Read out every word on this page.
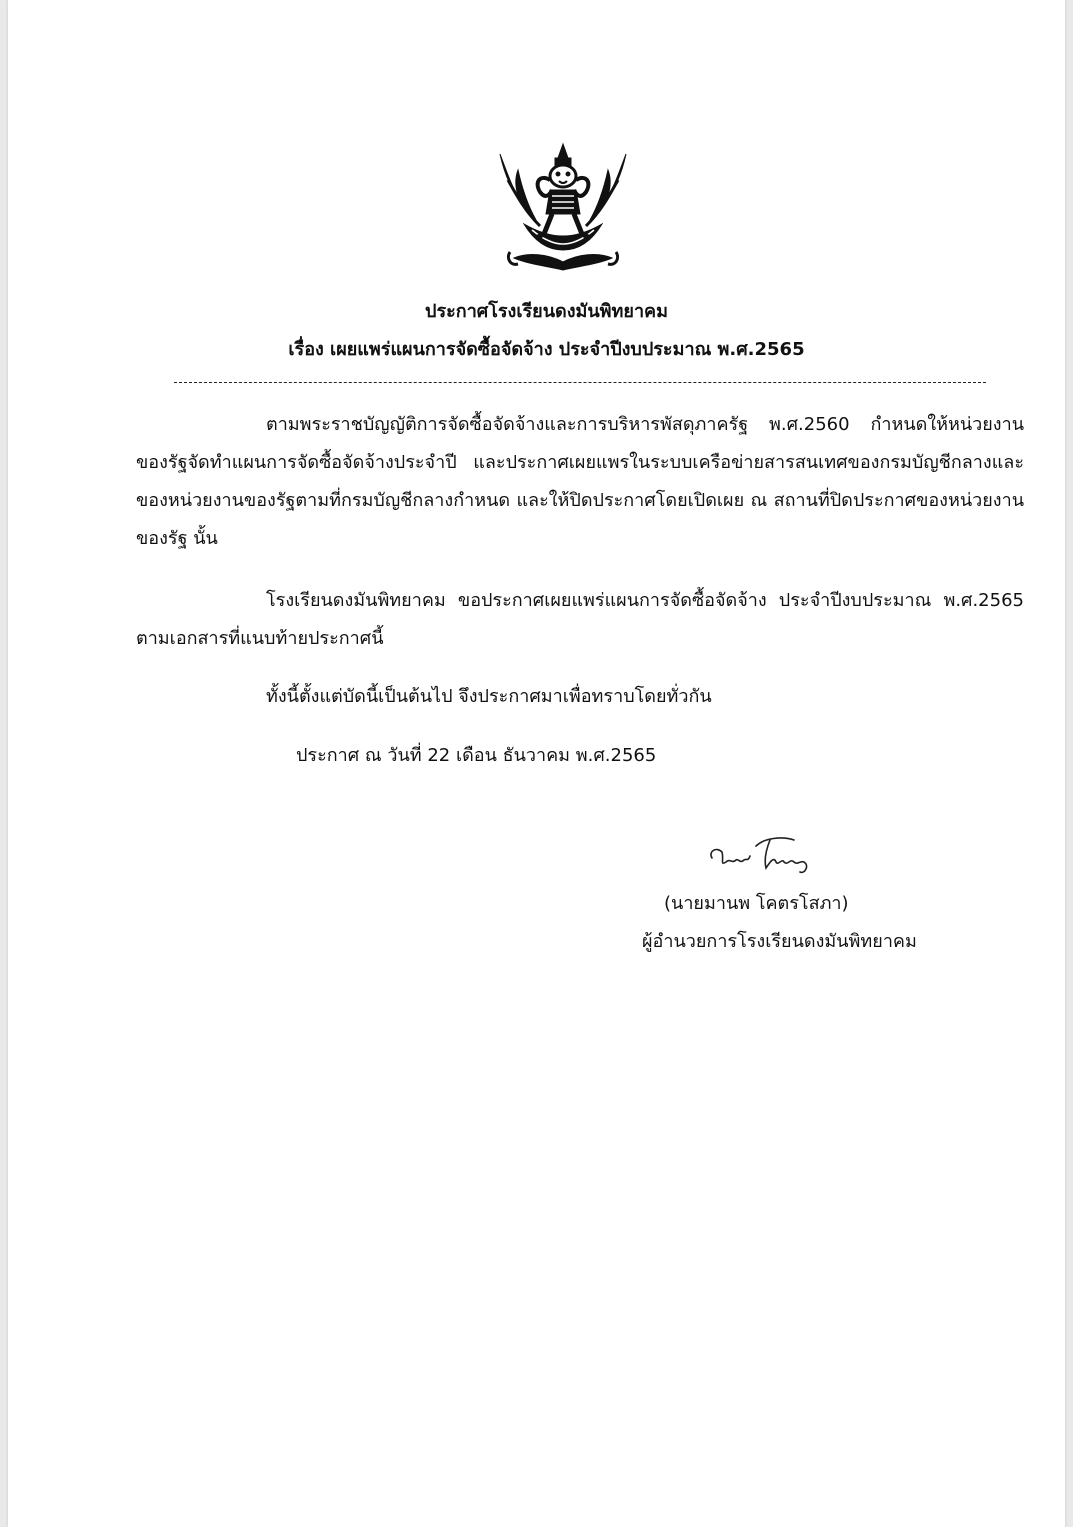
ประกาศโรงเรียนดงมันพิทยาคม
เรื่อง เผยแพร่แผนการจัดซื้อจัดจ้าง ประจำปีงบประมาณ พ.ศ.2565

ตามพระราชบัญญัติการจัดซื้อจัดจ้างและการบริหารพัสดุภาครัฐ พ.ศ.2560 กำหนดให้หน่วยงานของรัฐจัดทำแผนการจัดซื้อจัดจ้างประจำปี และประกาศเผยแพรในระบบเครือข่ายสารสนเทศของกรมบัญชีกลางและของหน่วยงานของรัฐตามที่กรมบัญชีกลางกำหนด และให้ปิดประกาศโดยเปิดเผย ณ สถานที่ปิดประกาศของหน่วยงานของรัฐ นั้น

โรงเรียนดงมันพิทยาคม ขอประกาศเผยแพร่แผนการจัดซื้อจัดจ้าง ประจำปีงบประมาณ พ.ศ.2565 ตามเอกสารที่แนบท้ายประกาศนี้

ทั้งนี้ตั้งแต่บัดนี้เป็นต้นไป จึงประกาศมาเพื่อทราบโดยทั่วกัน
ประกาศ ณ วันที่ 22 เดือน ธันวาคม พ.ศ.2565
(นายมานพ โคตรโสภา)
ผู้อำนวยการโรงเรียนดงมันพิทยาคม
